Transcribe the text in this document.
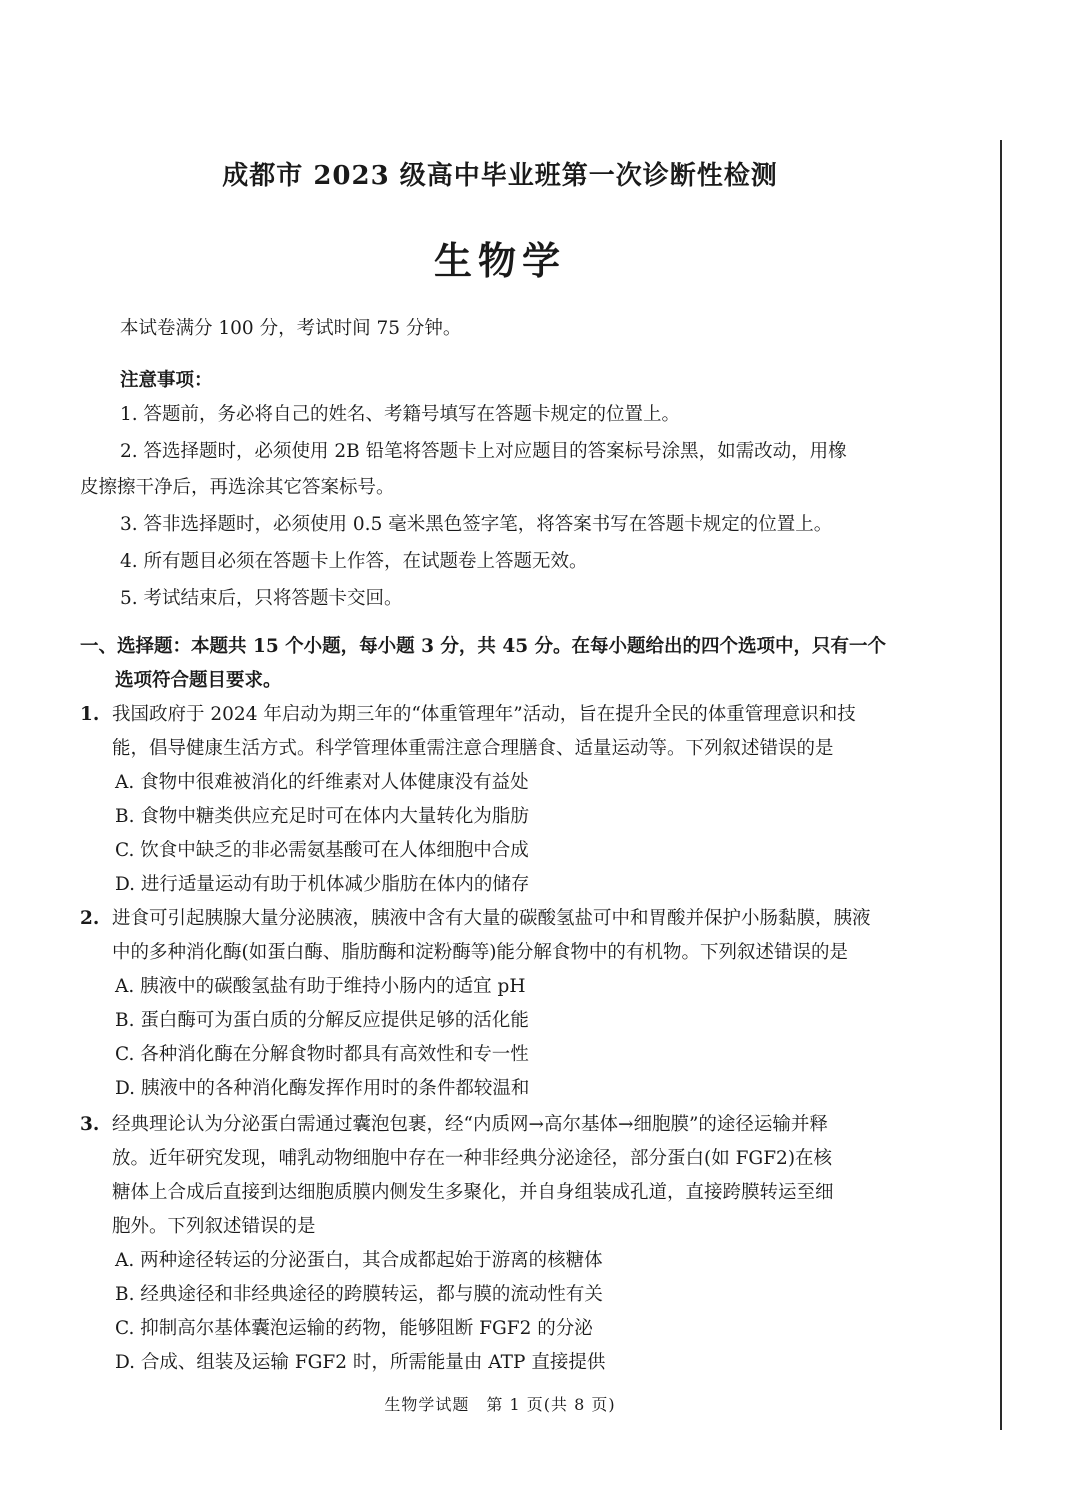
成都市 2023 级高中毕业班第一次诊断性检测
生物学
本试卷满分 100 分，考试时间 75 分钟。
注意事项：
1. 答题前，务必将自己的姓名、考籍号填写在答题卡规定的位置上。
2. 答选择题时，必须使用 2B 铅笔将答题卡上对应题目的答案标号涂黑，如需改动，用橡
皮擦擦干净后，再选涂其它答案标号。
3. 答非选择题时，必须使用 0.5 毫米黑色签字笔，将答案书写在答题卡规定的位置上。
4. 所有题目必须在答题卡上作答，在试题卷上答题无效。
5. 考试结束后，只将答题卡交回。
一、选择题：本题共 15 个小题，每小题 3 分，共 45 分。在每小题给出的四个选项中，只有一个
选项符合题目要求。
1. 我国政府于 2024 年启动为期三年的“体重管理年”活动，旨在提升全民的体重管理意识和技
能，倡导健康生活方式。科学管理体重需注意合理膳食、适量运动等。下列叙述错误的是
A. 食物中很难被消化的纤维素对人体健康没有益处
B. 食物中糖类供应充足时可在体内大量转化为脂肪
C. 饮食中缺乏的非必需氨基酸可在人体细胞中合成
D. 进行适量运动有助于机体减少脂肪在体内的储存
2. 进食可引起胰腺大量分泌胰液，胰液中含有大量的碳酸氢盐可中和胃酸并保护小肠黏膜，胰液
中的多种消化酶(如蛋白酶、脂肪酶和淀粉酶等)能分解食物中的有机物。下列叙述错误的是
A. 胰液中的碳酸氢盐有助于维持小肠内的适宜 pH
B. 蛋白酶可为蛋白质的分解反应提供足够的活化能
C. 各种消化酶在分解食物时都具有高效性和专一性
D. 胰液中的各种消化酶发挥作用时的条件都较温和
3. 经典理论认为分泌蛋白需通过囊泡包裹，经“内质网→高尔基体→细胞膜”的途径运输并释
放。近年研究发现，哺乳动物细胞中存在一种非经典分泌途径，部分蛋白(如 FGF2)在核
糖体上合成后直接到达细胞质膜内侧发生多聚化，并自身组装成孔道，直接跨膜转运至细
胞外。下列叙述错误的是
A. 两种途径转运的分泌蛋白，其合成都起始于游离的核糖体
B. 经典途径和非经典途径的跨膜转运，都与膜的流动性有关
C. 抑制高尔基体囊泡运输的药物，能够阻断 FGF2 的分泌
D. 合成、组装及运输 FGF2 时，所需能量由 ATP 直接提供
生物学试题　第 1 页(共 8 页)
